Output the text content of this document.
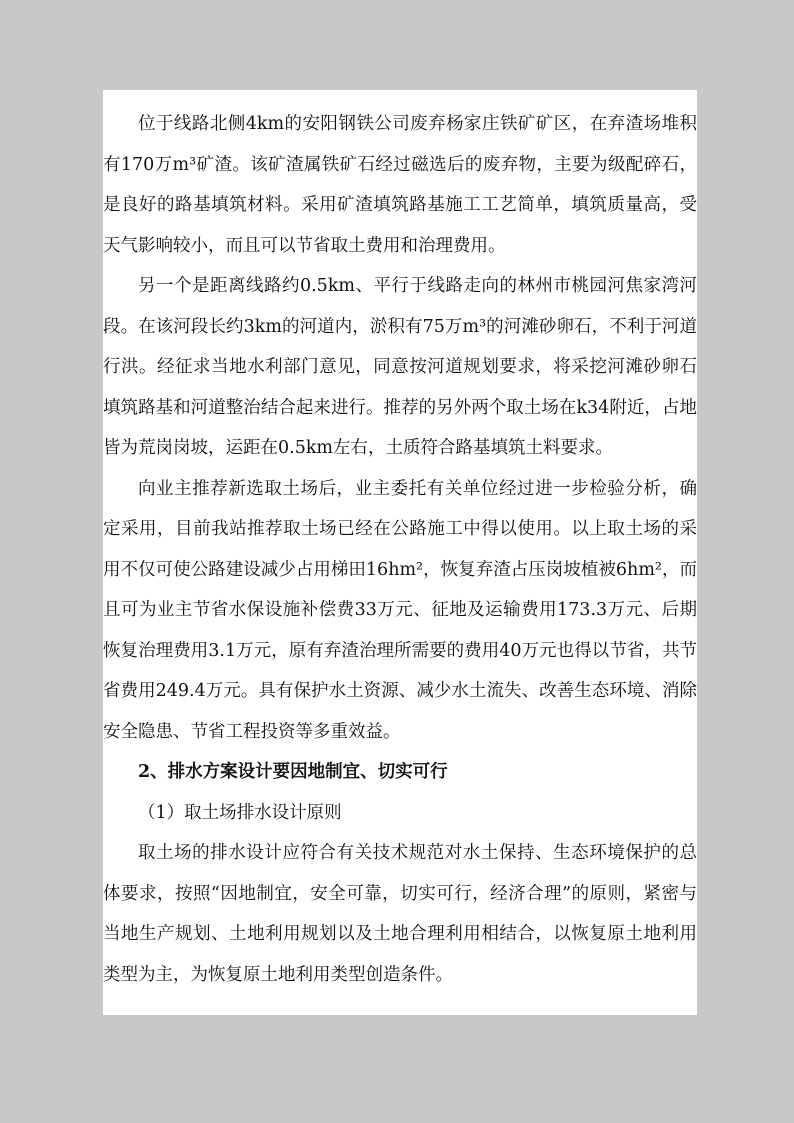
位于线路北侧4km的安阳钢铁公司废弃杨家庄铁矿矿区，在弃渣场堆积有170万m³矿渣。该矿渣属铁矿石经过磁选后的废弃物，主要为级配碎石，是良好的路基填筑材料。采用矿渣填筑路基施工工艺简单，填筑质量高，受天气影响较小，而且可以节省取土费用和治理费用。

另一个是距离线路约0.5km、平行于线路走向的林州市桃园河焦家湾河段。在该河段长约3km的河道内，淤积有75万m³的河滩砂卵石，不利于河道行洪。经征求当地水利部门意见，同意按河道规划要求，将采挖河滩砂卵石填筑路基和河道整治结合起来进行。推荐的另外两个取土场在k34附近，占地皆为荒岗岗坡，运距在0.5km左右，土质符合路基填筑土料要求。

向业主推荐新选取土场后，业主委托有关单位经过进一步检验分析，确定采用，目前我站推荐取土场已经在公路施工中得以使用。以上取土场的采用不仅可使公路建设减少占用梯田16hm²，恢复弃渣占压岗坡植被6hm²，而且可为业主节省水保设施补偿费33万元、征地及运输费用173.3万元、后期恢复治理费用3.1万元，原有弃渣治理所需要的费用40万元也得以节省，共节省费用249.4万元。具有保护水土资源、减少水土流失、改善生态环境、消除安全隐患、节省工程投资等多重效益。

2、排水方案设计要因地制宜、切实可行

（1）取土场排水设计原则

取土场的排水设计应符合有关技术规范对水土保持、生态环境保护的总体要求，按照“因地制宜，安全可靠，切实可行，经济合理”的原则，紧密与当地生产规划、土地利用规划以及土地合理利用相结合，以恢复原土地利用类型为主，为恢复原土地利用类型创造条件。
